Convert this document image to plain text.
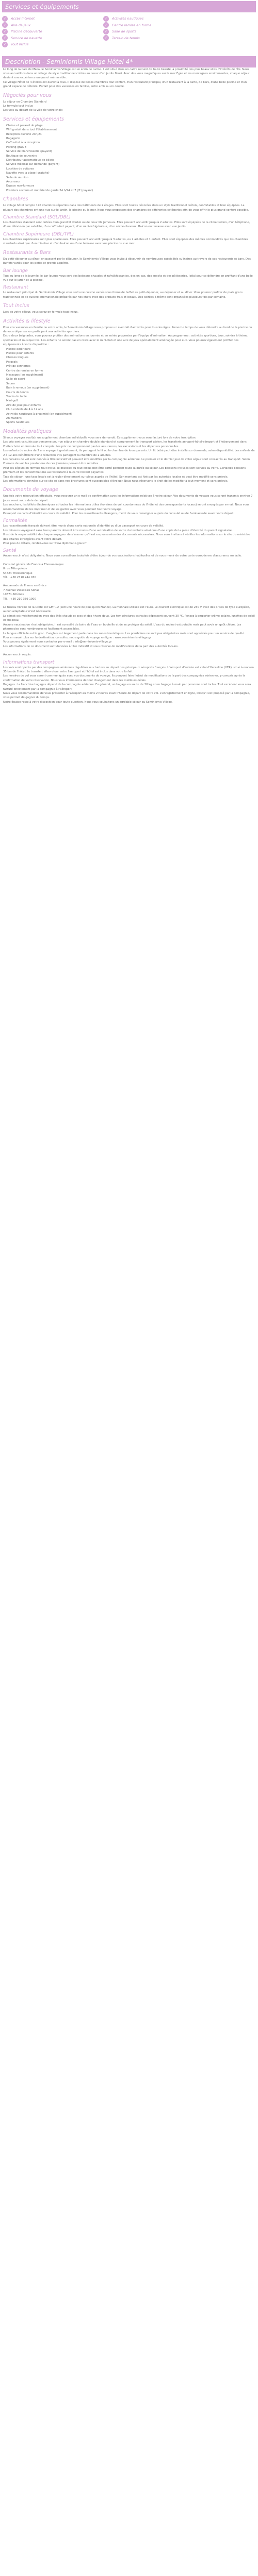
Services et équipements
✓	Accès Internet	✓	Activités nautiques
✓	Aire de jeux	✓	Centre remise en forme
✓	Piscine découverte	✓	Salle de sports
✓	Service de navette	✓	Terrain de tennis
✓	Tout inclus
Description - Seminiomis Village Hôtel 4*
Le long de la baie de Malia, le Seminiomis Village est un écrin de calme. Il est situé dans un cadre naturel de toute beauté, à proximité des plus beaux sites d'intérêts de l'île. Nous vous accueillons dans un village de style traditionnel crétois au coeur d'un jardin fleuri. Avec des vues magnifiques sur la mer Égée et les montagnes environnantes, chaque séjour devient une expérience unique et mémorable.
Ce Village Hôtel de 4 étoiles est ouvert à tous. Il dispose de belles chambres tout confort, d'un restaurant principal, d'un restaurant à la carte, de bars, d'une belle piscine et d'un grand espace de détente. Parfait pour des vacances en famille, entre amis ou en couple.
Négociés pour vous
Le séjour en Chambre Standard
La formule tout inclus
Les vols au départ de la ville de votre choix
Services et équipements
Chaise et parasol de plage
Wifi gratuit dans tout l'établissement
Réception ouverte 24h/24
Bagagerie
Coffre-fort à la réception
Parking gratuit
Service de blanchisserie (payant)
Boutique de souvenirs
Distributeur automatique de billets
Service médical sur demande (payant)
Location de voitures
Navette vers la plage (gratuite)
Salle de réunion
Ascenseur
Espace non-fumeurs
Premiers secours et matériel de garde 24 h/24 et 7 j/7 (payant)
Chambres
Le village hôtel compte 170 chambres réparties dans des bâtiments de 2 étages. Elles sont toutes décorées dans un style traditionnel crétois, confortables et bien équipées. La plupart des chambres ont une vue sur le jardin, la piscine ou la mer. Nous vous proposons des chambres de différentes catégories afin de vous offrir le plus grand confort possible.
Chambre Standard (SGL/DBL)
Les chambres standard sont dotées d'un grand lit double ou de deux lits jumeaux. Elles peuvent accueillir jusqu'à 2 adultes. Elles sont équipées de la climatisation, d'un téléphone, d'une télévision par satellite, d'un coffre-fort payant, d'un mini-réfrigérateur, d'un sèche-cheveux. Balcon ou terrasse avec vue jardin.
Chambre Supérieure (DBL/TPL)
Les chambres supérieures sont plus spacieuses. Elles peuvent accueillir jusqu'à 3 adultes, ou 2 adultes et 1 enfant. Elles sont équipées des mêmes commodités que les chambres standards ainsi que d'un mini-bar et d'un balcon ou d'une terrasse avec vue piscine ou vue mer.
Restaurants & Bars
Du petit-déjeuner au dîner, en passant par le déjeuner, le Seminiomis Village vous invite à découvrir de nombreuses spécialités culinaires au travers de ses restaurants et bars. Des buffets variés pour les petits et grands appétits.
Bar lounge
Tout au long de la journée, le bar lounge vous sert des boissons chaudes et rafraîchissantes, des en-cas, des snacks et des pâtisseries. Idéal pour se détendre en profitant d'une belle vue sur le jardin et la piscine.
Restaurant
Le restaurant principal du Seminiomis Village vous sert une cuisine variée sous forme de buffet au petit-déjeuner, au déjeuner et au dîner. Vous pourrez profiter de plats grecs traditionnels et de cuisine internationale préparés par nos chefs avec des produits frais et locaux. Des soirées à thème sont organisées plusieurs fois par semaine.
Tout inclus
Lors de votre séjour, vous serez en formule tout inclus.
Activités & lifestyle
Pour vos vacances en famille ou entre amis, le Seminiomis Village vous propose un éventail d'activités pour tous les âges. Prenez le temps de vous détendre au bord de la piscine ou de vous dépenser en participant aux activités sportives.
Entre deux baignades, vous pouvez profiter des animations en journée et en soirée proposées par l'équipe d'animation. Au programme : activités sportives, jeux, soirées à thème, spectacles et musique live. Les enfants ne seront pas en reste avec le mini-club et une aire de jeux spécialement aménagée pour eux. Vous pourrez également profiter des équipements à votre disposition :
Piscine extérieure
Piscine pour enfants
Chaises longues
Parasols
Prêt de serviettes
Centre de remise en forme
Massages (en supplément)
Salle de sport
Sauna
Bain à remous (en supplément)
Courts de tennis
Tennis de table
Mini-golf
Aire de jeux pour enfants
Club enfants de 4 à 12 ans
Activités nautiques à proximité (en supplément)
Animations
Sports nautiques
Modalités pratiques
Si vous voyagez seul(e), un supplément chambre individuelle vous sera demandé. Ce supplément vous sera facturé lors de votre inscription.
Les prix sont calculés par personne pour un séjour en chambre double standard et comprennent le transport aérien, les transferts aéroport-hôtel-aéroport et l'hébergement dans l'hôtel choisi en formule tout compris. Les prix ne comprennent pas les assurances, les excursions et les dépenses personnelles.
Les enfants de moins de 2 ans voyagent gratuitement, ils partagent le lit ou la chambre de leurs parents. Un lit bébé peut être installé sur demande, selon disponibilité. Les enfants de 2 à 12 ans bénéficient d'une réduction s'ils partagent la chambre de 2 adultes.
Les horaires de vol sont donnés à titre indicatif et peuvent être modifiés par la compagnie aérienne. Le premier et le dernier jour de votre séjour sont consacrés au transport. Selon l'horaire de vol, les prestations de ces journées peuvent être réduites.
Pour les séjours en formule tout inclus, le bracelet du tout inclus doit être porté pendant toute la durée du séjour. Les boissons incluses sont servies au verre. Certaines boissons premium et les consommations au restaurant à la carte restent payantes.
Taxe de séjour : une taxe locale est à régler directement sur place auprès de l'hôtel. Son montant est fixé par les autorités locales et peut être modifié sans préavis.
Les informations données sur ce site et dans nos brochures sont susceptibles d'évoluer. Nous nous réservons le droit de les modifier à tout moment et sans préavis.
Documents de voyage
Une fois votre réservation effectuée, vous recevrez un e-mail de confirmation avec les informations relatives à votre séjour. Vos documents de voyage vous seront transmis environ 7 jours avant votre date de départ.
Les vouchers, les billets électroniques et toutes les informations utiles (horaires de vol, coordonnées de l'hôtel et des correspondants locaux) seront envoyés par e-mail. Nous vous recommandons de les imprimer et de les garder avec vous pendant tout votre voyage.
Passeport ou carte d'identité en cours de validité. Pour les ressortissants étrangers, merci de vous renseigner auprès du consulat ou de l'ambassade avant votre départ.
Formalités
Les ressortissants français doivent être munis d'une carte nationale d'identité ou d'un passeport en cours de validité.
Les mineurs voyageant sans leurs parents doivent être munis d'une autorisation de sortie du territoire ainsi que d'une copie de la pièce d'identité du parent signataire.
Il est de la responsabilité de chaque voyageur de s'assurer qu'il est en possession des documents nécessaires. Nous vous invitons à vérifier les informations sur le site du ministère des affaires étrangères avant votre départ.
Pour plus de détails, rendez-vous sur www.diplomatie.gouv.fr
Santé
Aucun vaccin n'est obligatoire. Nous vous conseillons toutefois d'être à jour de vos vaccinations habituelles et de vous munir de votre carte européenne d'assurance maladie.
Consulat général de France à Thessalonique
8 rue Mitropoleos
54624 Thessalonique
Tél. : +30 2310 244 030
Ambassade de France en Grèce
7 Avenue Vassilissis Sofias
10671 Athènes
Tél. : +30 210 339 1000
Le fuseau horaire de la Crète est GMT+2 (soit une heure de plus qu'en France). La monnaie utilisée est l'euro. Le courant électrique est de 230 V avec des prises de type européen, aucun adaptateur n'est nécessaire.
Le climat est méditerranéen avec des étés chauds et secs et des hivers doux. Les températures estivales dépassent souvent 30 °C. Pensez à emporter crème solaire, lunettes de soleil et chapeau.
Aucune vaccination n'est obligatoire. Il est conseillé de boire de l'eau en bouteille et de se protéger du soleil. L'eau du robinet est potable mais peut avoir un goût chloré. Les pharmacies sont nombreuses et facilement accessibles.
La langue officielle est le grec. L'anglais est largement parlé dans les zones touristiques. Les pourboires ne sont pas obligatoires mais sont appréciés pour un service de qualité.
Pour en savoir plus sur la destination, consultez notre guide de voyage en ligne : www.seminiomis-village.gr
Vous pouvez également nous contacter par e-mail : info@seminiomis-village.gr
Les informations de ce document sont données à titre indicatif et sous réserve de modifications de la part des autorités locales.
Aucun vaccin requis.
Informations transport
Les vols sont opérés par des compagnies aériennes régulières ou charters au départ des principaux aéroports français. L'aéroport d'arrivée est celui d'Héraklion (HER), situé à environ 35 km de l'hôtel. Le transfert aller-retour entre l'aéroport et l'hôtel est inclus dans votre forfait.
Les horaires de vol vous seront communiqués avec vos documents de voyage. Ils peuvent faire l'objet de modifications de la part des compagnies aériennes, y compris après la confirmation de votre réservation. Nous vous informerons de tout changement dans les meilleurs délais.
Bagages : la franchise bagages dépend de la compagnie aérienne. En général, un bagage en soute de 20 kg et un bagage à main par personne sont inclus. Tout excédent vous sera facturé directement par la compagnie à l'aéroport.
Nous vous recommandons de vous présenter à l'aéroport au moins 2 heures avant l'heure de départ de votre vol. L'enregistrement en ligne, lorsqu'il est proposé par la compagnie, vous permet de gagner du temps.
Notre équipe reste à votre disposition pour toute question. Nous vous souhaitons un agréable séjour au Seminiomis Village.
